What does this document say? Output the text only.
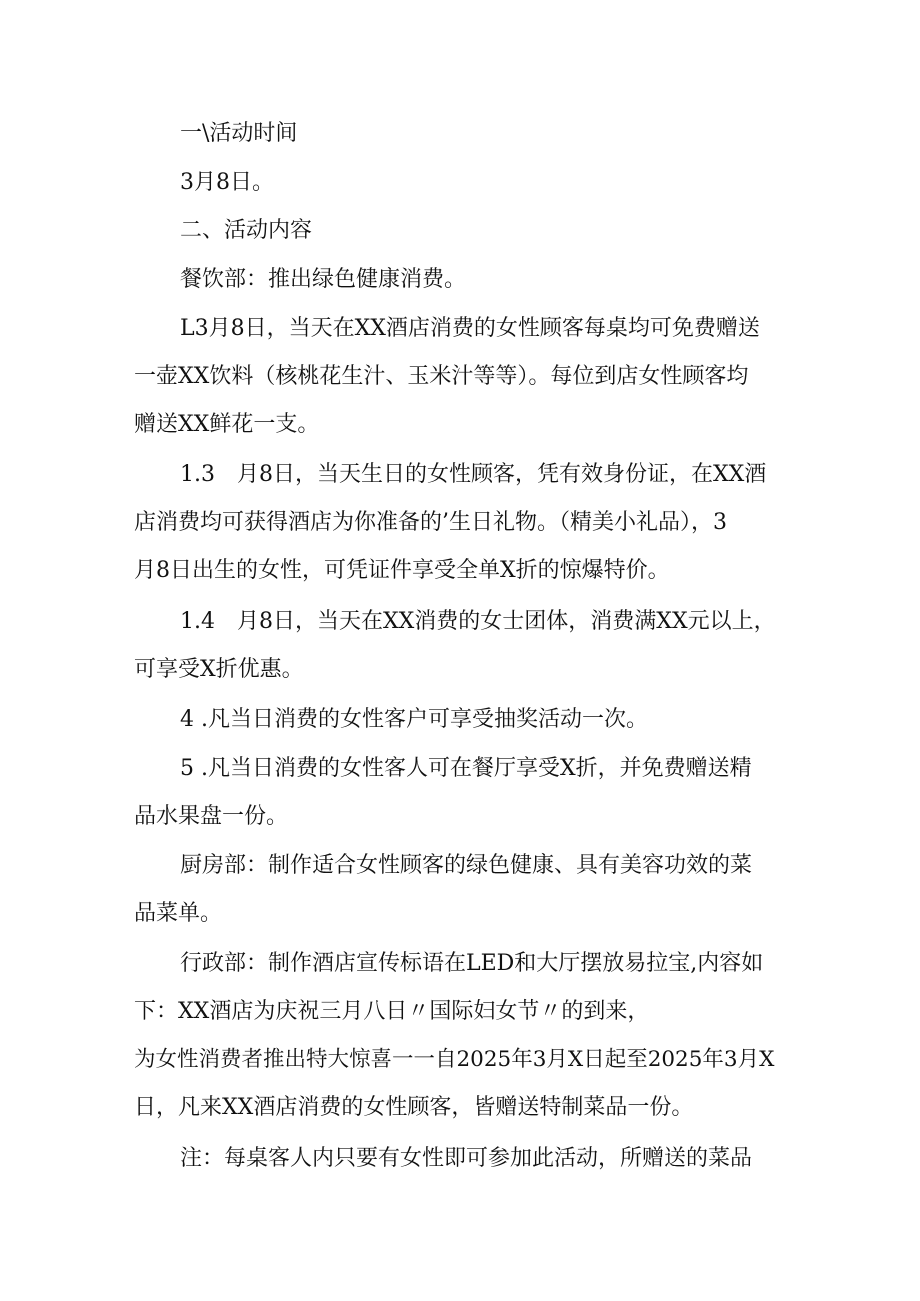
一\活动时间
3月8日。
二、活动内容
餐饮部：推出绿色健康消费。
L3月8日，当天在XX酒店消费的女性顾客每桌均可免费赠送
一壶XX饮料（核桃花生汁、玉米汁等等）。每位到店女性顾客均
赠送XX鲜花一支。
1.3　月8日，当天生日的女性顾客，凭有效身份证，在XX酒
店消费均可获得酒店为你准备的’生日礼物。（精美小礼品），3
月8日出生的女性，可凭证件享受全单X折的惊爆特价。
1.4　月8日，当天在XX消费的女士团体，消费满XX元以上，
可享受X折优惠。
4 .凡当日消费的女性客户可享受抽奖活动一次。
5 .凡当日消费的女性客人可在餐厅享受X折，并免费赠送精
品水果盘一份。
厨房部：制作适合女性顾客的绿色健康、具有美容功效的菜
品菜单。
行政部：制作酒店宣传标语在LED和大厅摆放易拉宝,内容如
下：XX酒店为庆祝三月八日〃国际妇女节〃的到来，
为女性消费者推出特大惊喜一一自2025年3月X日起至2025年3月X
日，凡来XX酒店消费的女性顾客，皆赠送特制菜品一份。
注：每桌客人内只要有女性即可参加此活动，所赠送的菜品
